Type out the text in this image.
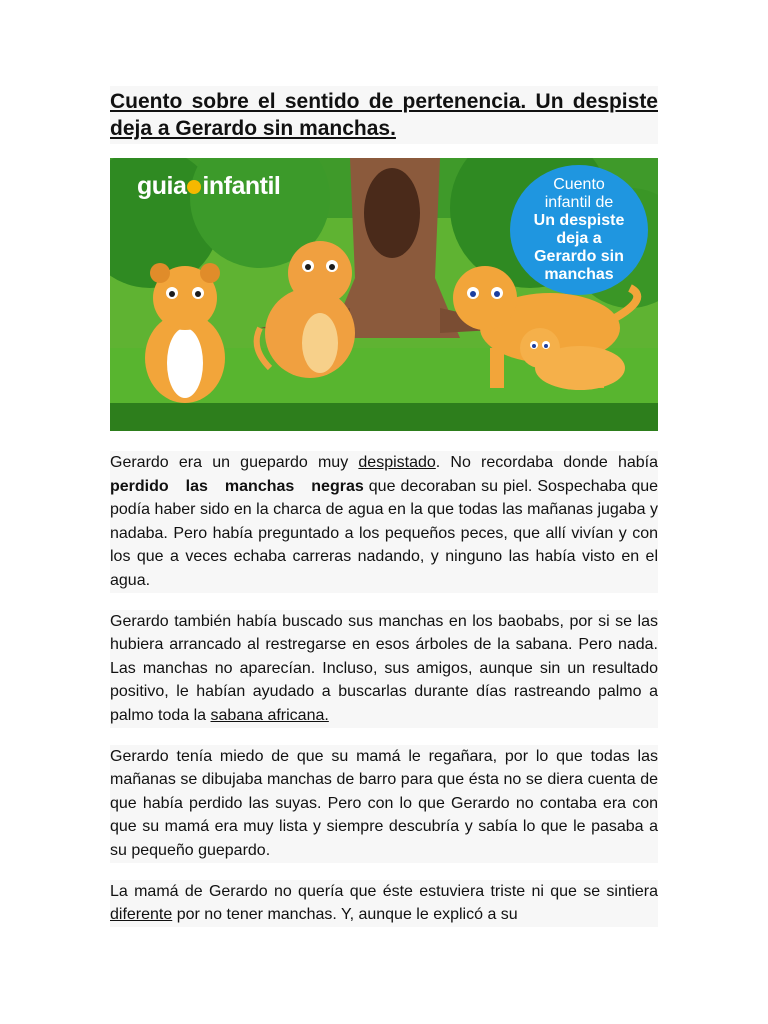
Cuento sobre el sentido de pertenencia. Un despiste deja a Gerardo sin manchas.
guia infantil	Cuento
infantil de
Un despiste
deja a
Gerardo sin
manchas

Gerardo era un guepardo muy despistado. No recordaba donde había perdido las manchas negras que decoraban su piel. Sospechaba que podía haber sido en la charca de agua en la que todas las mañanas jugaba y nadaba. Pero había preguntado a los pequeños peces, que allí vivían y con los que a veces echaba carreras nadando, y ninguno las había visto en el agua.

Gerardo también había buscado sus manchas en los baobabs, por si se las hubiera arrancado al restregarse en esos árboles de la sabana. Pero nada. Las manchas no aparecían. Incluso, sus amigos, aunque sin un resultado positivo, le habían ayudado a buscarlas durante días rastreando palmo a palmo toda la sabana africana.

Gerardo tenía miedo de que su mamá le regañara, por lo que todas las mañanas se dibujaba manchas de barro para que ésta no se diera cuenta de que había perdido las suyas. Pero con lo que Gerardo no contaba era con que su mamá era muy lista y siempre descubría y sabía lo que le pasaba a su pequeño guepardo.

La mamá de Gerardo no quería que éste estuviera triste ni que se sintiera diferente por no tener manchas. Y, aunque le explicó a su
